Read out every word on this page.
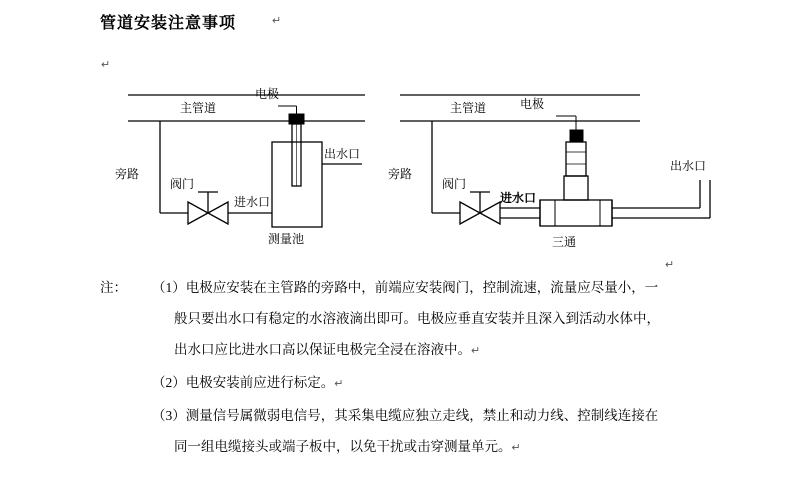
管道安装注意事项	↵
↵
↵
主管道
旁路
阀门
进水口
测量池
电极
出水口
主管道
旁路
阀门
进水口
三通
电极
出水口
注：	（1）电极应安装在主管路的旁路中，前端应安装阀门，控制流速，流量应尽量小，一
般只要出水口有稳定的水溶液滴出即可。电极应垂直安装并且深入到活动水体中，
出水口应比进水口高以保证电极完全浸在溶液中。↵
（2）电极安装前应进行标定。↵
（3）测量信号属微弱电信号，其采集电缆应独立走线，禁止和动力线、控制线连接在
同一组电缆接头或端子板中，以免干扰或击穿测量单元。↵
